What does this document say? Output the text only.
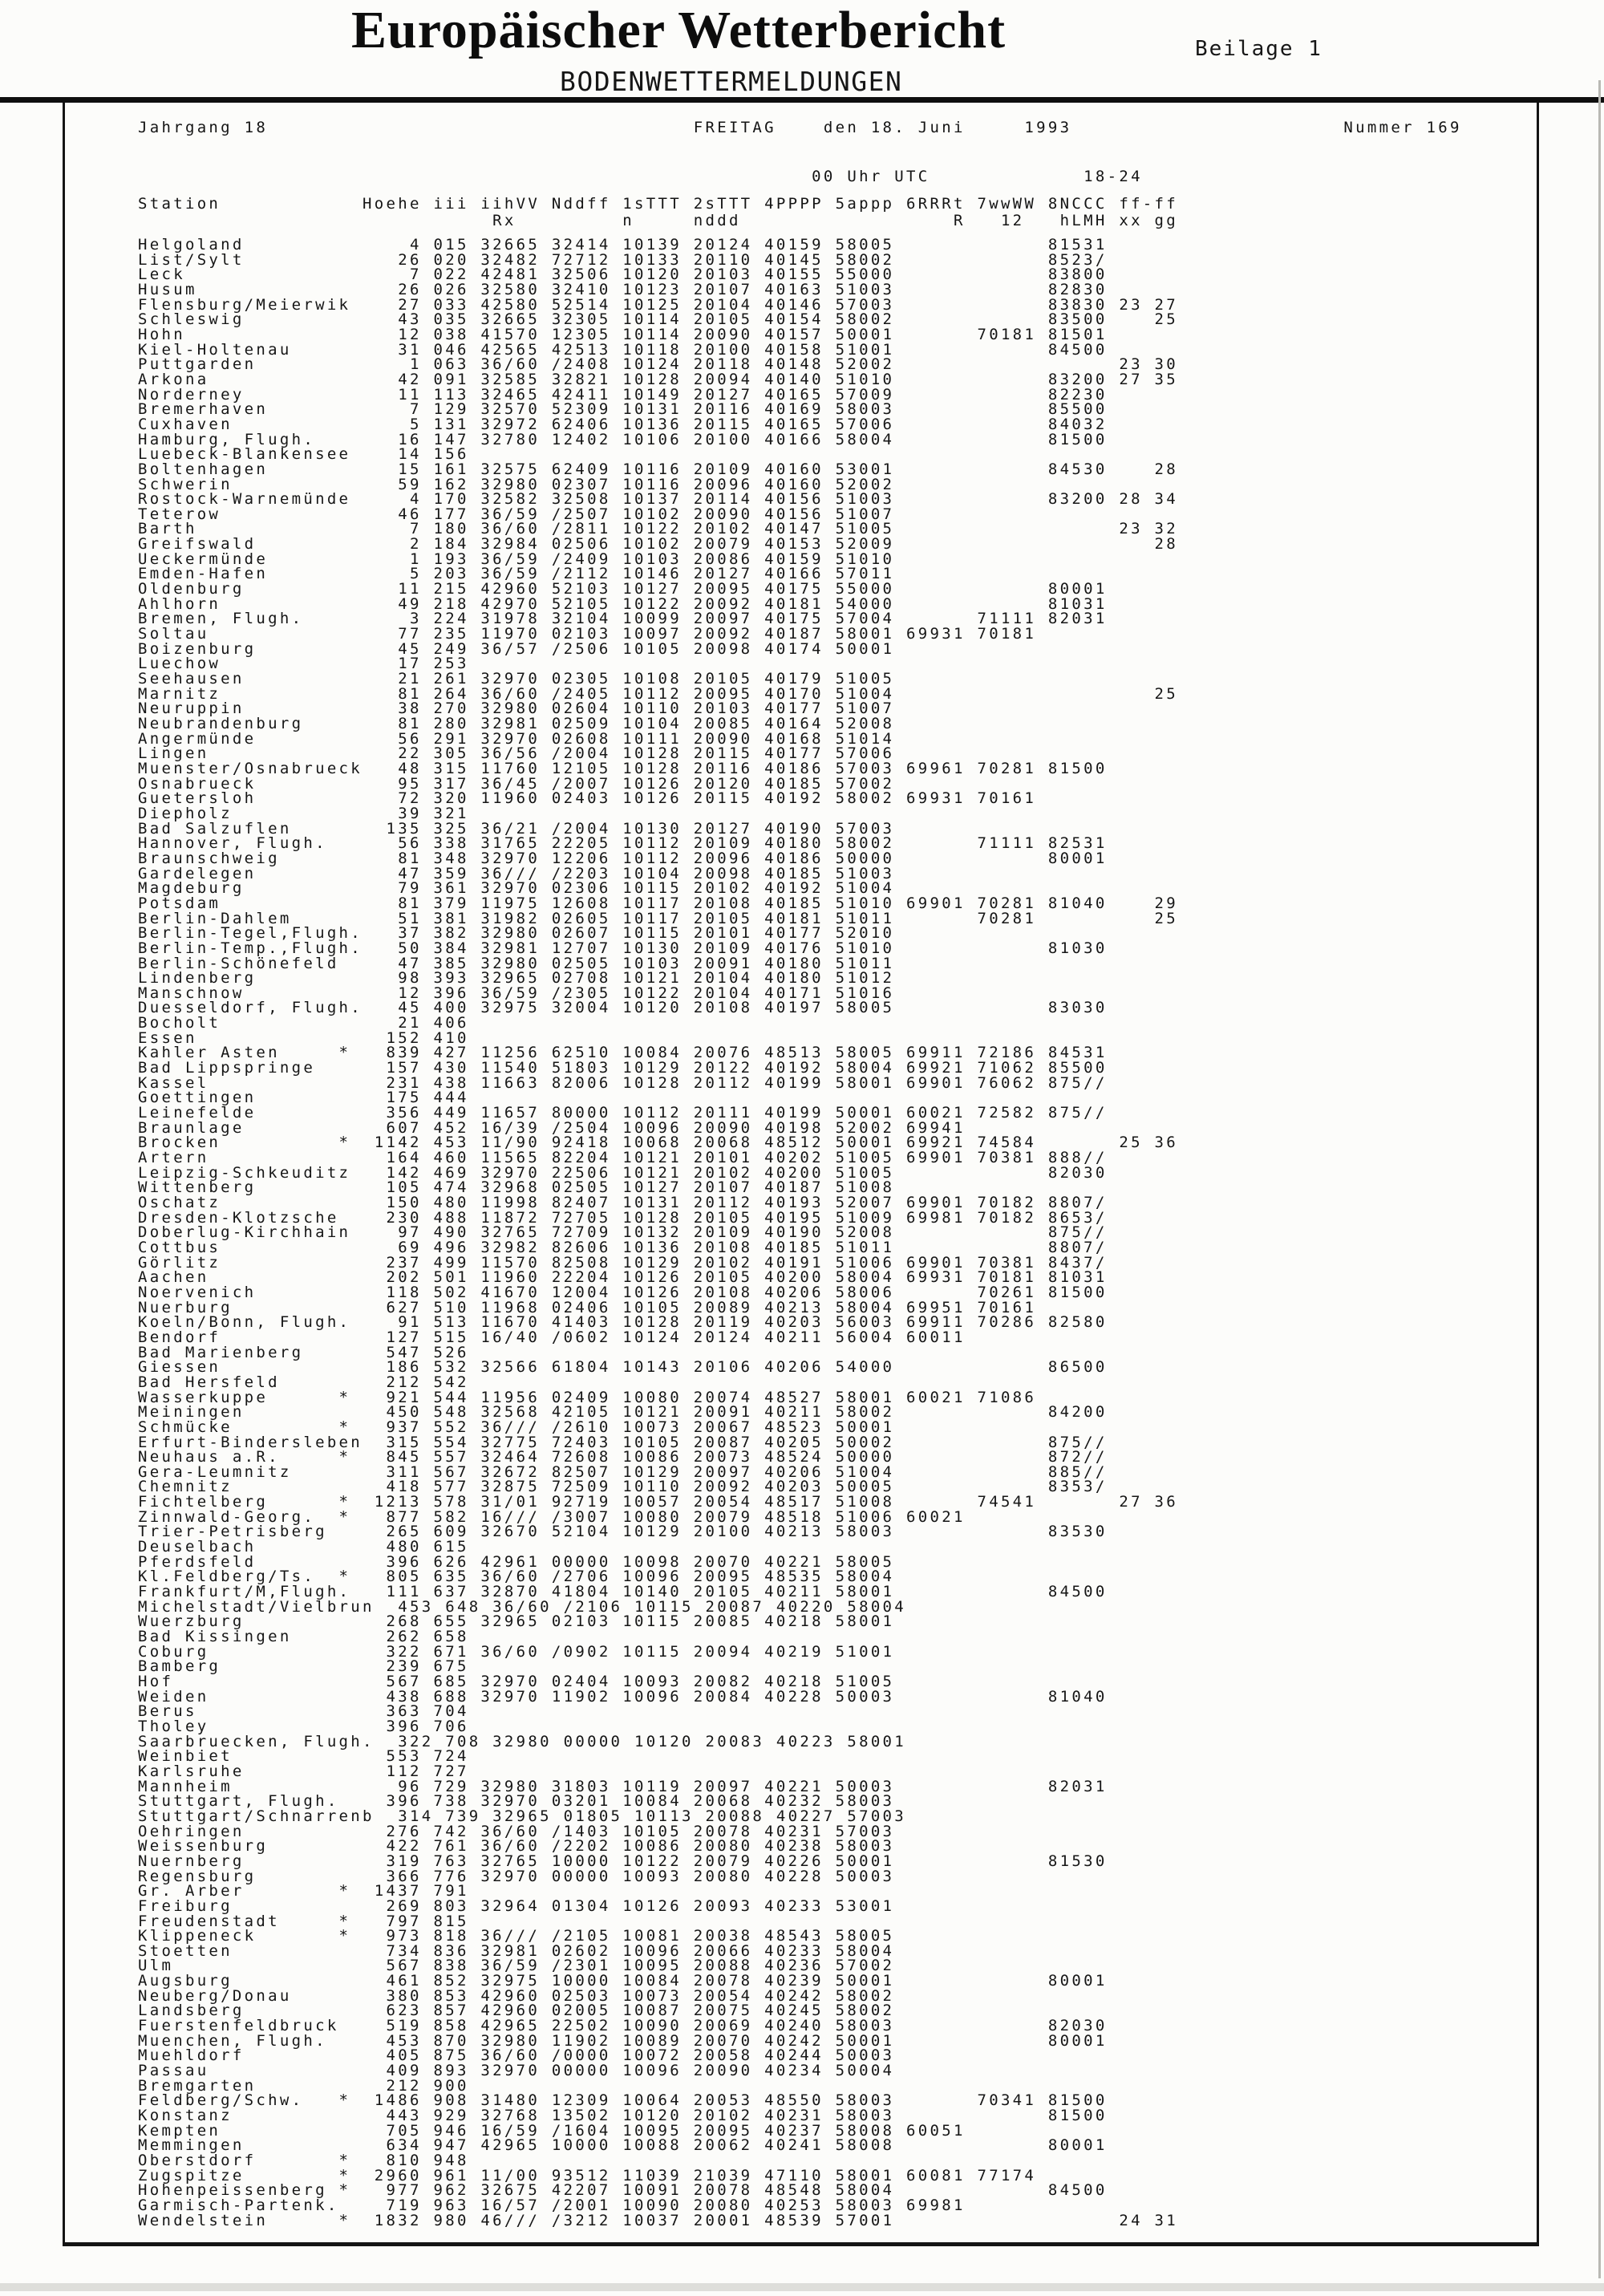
Europäischer Wetterbericht	Beilage 1
BODENWETTERMELDUNGEN
Jahrgang 18                                    FREITAG    den 18. Juni     1993                       Nummer 169
00 Uhr UTC             18-24
Station            Hoehe iii iihVV Nddff 1sTTT 2sTTT 4PPPP 5appp 6RRRt 7wwWW 8NCCC ff-ff
Rx         n     nddd                  R   12   hLMH xx gg
Helgoland              4 015 32665 32414 10139 20124 40159 58005             81531
List/Sylt             26 020 32482 72712 10133 20110 40145 58002             8523/
Leck                   7 022 42481 32506 10120 20103 40155 55000             83800
Husum                 26 026 32580 32410 10123 20107 40163 51003             82830
Flensburg/Meierwik    27 033 42580 52514 10125 20104 40146 57003             83830 23 27
Schleswig             43 035 32665 32305 10114 20105 40154 58002             83500    25
Hohn                  12 038 41570 12305 10114 20090 40157 50001       70181 81501
Kiel-Holtenau         31 046 42565 42513 10118 20100 40158 51001             84500
Puttgarden             1 063 36/60 /2408 10124 20118 40148 52002                   23 30
Arkona                42 091 32585 32821 10128 20094 40140 51010             83200 27 35
Norderney             11 113 32465 42411 10149 20127 40165 57009             82230
Bremerhaven            7 129 32570 52309 10131 20116 40169 58003             85500
Cuxhaven               5 131 32972 62406 10136 20115 40165 57006             84032
Hamburg, Flugh.       16 147 32780 12402 10106 20100 40166 58004             81500
Luebeck-Blankensee    14 156
Boltenhagen           15 161 32575 62409 10116 20109 40160 53001             84530    28
Schwerin              59 162 32980 02307 10116 20096 40160 52002
Rostock-Warnemünde     4 170 32582 32508 10137 20114 40156 51003             83200 28 34
Teterow               46 177 36/59 /2507 10102 20090 40156 51007
Barth                  7 180 36/60 /2811 10122 20102 40147 51005                   23 32
Greifswald             2 184 32984 02506 10102 20079 40153 52009                      28
Ueckermünde            1 193 36/59 /2409 10103 20086 40159 51010
Emden-Hafen            5 203 36/59 /2112 10146 20127 40166 57011
Oldenburg             11 215 42960 52103 10127 20095 40175 55000             80001
Ahlhorn               49 218 42970 52105 10122 20092 40181 54000             81031
Bremen, Flugh.         3 224 31978 32104 10099 20097 40175 57004       71111 82031
Soltau                77 235 11970 02103 10097 20092 40187 58001 69931 70181
Boizenburg            45 249 36/57 /2506 10105 20098 40174 50001
Luechow               17 253
Seehausen             21 261 32970 02305 10108 20105 40179 51005
Marnitz               81 264 36/60 /2405 10112 20095 40170 51004                      25
Neuruppin             38 270 32980 02604 10110 20103 40177 51007
Neubrandenburg        81 280 32981 02509 10104 20085 40164 52008
Angermünde            56 291 32970 02608 10111 20090 40168 51014
Lingen                22 305 36/56 /2004 10128 20115 40177 57006
Muenster/Osnabrueck   48 315 11760 12105 10128 20116 40186 57003 69961 70281 81500
Osnabrueck            95 317 36/45 /2007 10126 20120 40185 57002
Guetersloh            72 320 11960 02403 10126 20115 40192 58002 69931 70161
Diepholz              39 321
Bad Salzuflen        135 325 36/21 /2004 10130 20127 40190 57003
Hannover, Flugh.      56 338 31765 22205 10112 20109 40180 58002       71111 82531
Braunschweig          81 348 32970 12206 10112 20096 40186 50000             80001
Gardelegen            47 359 36/// /2203 10104 20098 40185 51003
Magdeburg             79 361 32970 02306 10115 20102 40192 51004
Potsdam               81 379 11975 12608 10117 20108 40185 51010 69901 70281 81040    29
Berlin-Dahlem         51 381 31982 02605 10117 20105 40181 51011       70281          25
Berlin-Tegel,Flugh.   37 382 32980 02607 10115 20101 40177 52010
Berlin-Temp.,Flugh.   50 384 32981 12707 10130 20109 40176 51010             81030
Berlin-Schönefeld     47 385 32980 02505 10103 20091 40180 51011
Lindenberg            98 393 32965 02708 10121 20104 40180 51012
Manschnow             12 396 36/59 /2305 10122 20104 40171 51016
Duesseldorf, Flugh.   45 400 32975 32004 10120 20108 40197 58005             83030
Bocholt               21 406
Essen                152 410
Kahler Asten     *   839 427 11256 62510 10084 20076 48513 58005 69911 72186 84531
Bad Lippspringe      157 430 11540 51803 10129 20122 40192 58004 69921 71062 85500
Kassel               231 438 11663 82006 10128 20112 40199 58001 69901 76062 875//
Goettingen           175 444
Leinefelde           356 449 11657 80000 10112 20111 40199 50001 60021 72582 875//
Braunlage            607 452 16/39 /2504 10096 20090 40198 52002 69941
Brocken          *  1142 453 11/90 92418 10068 20068 48512 50001 69921 74584       25 36
Artern               164 460 11565 82204 10121 20101 40202 51005 69901 70381 888//
Leipzig-Schkeuditz   142 469 32970 22506 10121 20102 40200 51005             82030
Wittenberg           105 474 32968 02505 10127 20107 40187 51008
Oschatz              150 480 11998 82407 10131 20112 40193 52007 69901 70182 8807/
Dresden-Klotzsche    230 488 11872 72705 10128 20105 40195 51009 69981 70182 8653/
Doberlug-Kirchhain    97 490 32765 72709 10132 20109 40190 52008             875//
Cottbus               69 496 32982 82606 10136 20108 40185 51011             8807/
Görlitz              237 499 11570 82508 10129 20102 40191 51006 69901 70381 8437/
Aachen               202 501 11960 22204 10126 20105 40200 58004 69931 70181 81031
Noervenich           118 502 41670 12004 10126 20108 40206 58006       70261 81500
Nuerburg             627 510 11968 02406 10105 20089 40213 58004 69951 70161
Koeln/Bonn, Flugh.    91 513 11670 41403 10128 20119 40203 56003 69911 70286 82580
Bendorf              127 515 16/40 /0602 10124 20124 40211 56004 60011
Bad Marienberg       547 526
Giessen              186 532 32566 61804 10143 20106 40206 54000             86500
Bad Hersfeld         212 542
Wasserkuppe      *   921 544 11956 02409 10080 20074 48527 58001 60021 71086
Meiningen            450 548 32568 42105 10121 20091 40211 58002             84200
Schmücke         *   937 552 36/// /2610 10073 20067 48523 50001
Erfurt-Bindersleben  315 554 32775 72403 10105 20087 40205 50002             875//
Neuhaus a.R.     *   845 557 32464 72608 10086 20073 48524 50000             872//
Gera-Leumnitz        311 567 32672 82507 10129 20097 40206 51004             885//
Chemnitz             418 577 32875 72509 10110 20092 40203 50005             8353/
Fichtelberg      *  1213 578 31/01 92719 10057 20054 48517 51008       74541       27 36
Zinnwald-Georg.  *   877 582 16/// /3007 10080 20079 48518 51006 60021
Trier-Petrisberg     265 609 32670 52104 10129 20100 40213 58003             83530
Deuselbach           480 615
Pferdsfeld           396 626 42961 00000 10098 20070 40221 58005
Kl.Feldberg/Ts.  *   805 635 36/60 /2706 10096 20095 48535 58004
Frankfurt/M,Flugh.   111 637 32870 41804 10140 20105 40211 58001             84500
Michelstadt/Vielbrun  453 648 36/60 /2106 10115 20087 40220 58004
Wuerzburg            268 655 32965 02103 10115 20085 40218 58001
Bad Kissingen        262 658
Coburg               322 671 36/60 /0902 10115 20094 40219 51001
Bamberg              239 675
Hof                  567 685 32970 02404 10093 20082 40218 51005
Weiden               438 688 32970 11902 10096 20084 40228 50003             81040
Berus                363 704
Tholey               396 706
Saarbruecken, Flugh.  322 708 32980 00000 10120 20083 40223 58001
Weinbiet             553 724
Karlsruhe            112 727
Mannheim              96 729 32980 31803 10119 20097 40221 50003             82031
Stuttgart, Flugh.    396 738 32970 03201 10084 20068 40232 58003
Stuttgart/Schnarrenb  314 739 32965 01805 10113 20088 40227 57003
Oehringen            276 742 36/60 /1403 10105 20078 40231 57003
Weissenburg          422 761 36/60 /2202 10086 20080 40238 58003
Nuernberg            319 763 32765 10000 10122 20079 40226 50001             81530
Regensburg           366 776 32970 00000 10093 20080 40228 50003
Gr. Arber        *  1437 791
Freiburg             269 803 32964 01304 10126 20093 40233 53001
Freudenstadt     *   797 815
Klippeneck       *   973 818 36/// /2105 10081 20038 48543 58005
Stoetten             734 836 32981 02602 10096 20066 40233 58004
Ulm                  567 838 36/59 /2301 10095 20088 40236 57002
Augsburg             461 852 32975 10000 10084 20078 40239 50001             80001
Neuberg/Donau        380 853 42960 02503 10073 20054 40242 58002
Landsberg            623 857 42960 02005 10087 20075 40245 58002
Fuerstenfeldbruck    519 858 42965 22502 10090 20069 40240 58003             82030
Muenchen, Flugh.     453 870 32980 11902 10089 20070 40242 50001             80001
Muehldorf            405 875 36/60 /0000 10072 20058 40244 50003
Passau               409 893 32970 00000 10096 20090 40234 50004
Bremgarten           212 900
Feldberg/Schw.   *  1486 908 31480 12309 10064 20053 48550 58003       70341 81500
Konstanz             443 929 32768 13502 10120 20102 40231 58003             81500
Kempten              705 946 16/59 /1604 10095 20095 40237 58008 60051
Memmingen            634 947 42965 10000 10088 20062 40241 58008             80001
Oberstdorf       *   810 948
Zugspitze        *  2960 961 11/00 93512 11039 21039 47110 58001 60081 77174
Hohenpeissenberg *   977 962 32675 42207 10091 20078 48548 58004             84500
Garmisch-Partenk.    719 963 16/57 /2001 10090 20080 40253 58003 69981
Wendelstein      *  1832 980 46/// /3212 10037 20001 48539 57001                   24 31
